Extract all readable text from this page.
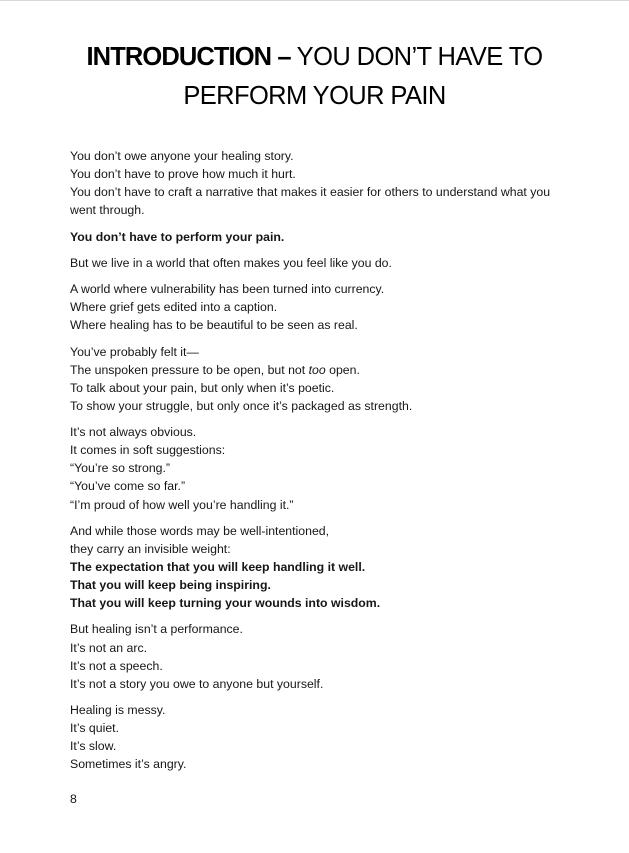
INTRODUCTION – YOU DON’T HAVE TO PERFORM YOUR PAIN

You don’t owe anyone your healing story.
You don’t have to prove how much it hurt.
You don’t have to craft a narrative that makes it easier for others to understand what you went through.

You don’t have to perform your pain.

But we live in a world that often makes you feel like you do.

A world where vulnerability has been turned into currency.
Where grief gets edited into a caption.
Where healing has to be beautiful to be seen as real.

You’ve probably felt it—
The unspoken pressure to be open, but not too open.
To talk about your pain, but only when it’s poetic.
To show your struggle, but only once it’s packaged as strength.

It’s not always obvious.
It comes in soft suggestions:
“You’re so strong.”
“You’ve come so far.”
“I’m proud of how well you’re handling it.”

And while those words may be well-intentioned,
they carry an invisible weight:
The expectation that you will keep handling it well.
That you will keep being inspiring.
That you will keep turning your wounds into wisdom.

But healing isn’t a performance.
It’s not an arc.
It’s not a speech.
It’s not a story you owe to anyone but yourself.

Healing is messy.
It’s quiet.
It’s slow.
Sometimes it’s angry.

8
